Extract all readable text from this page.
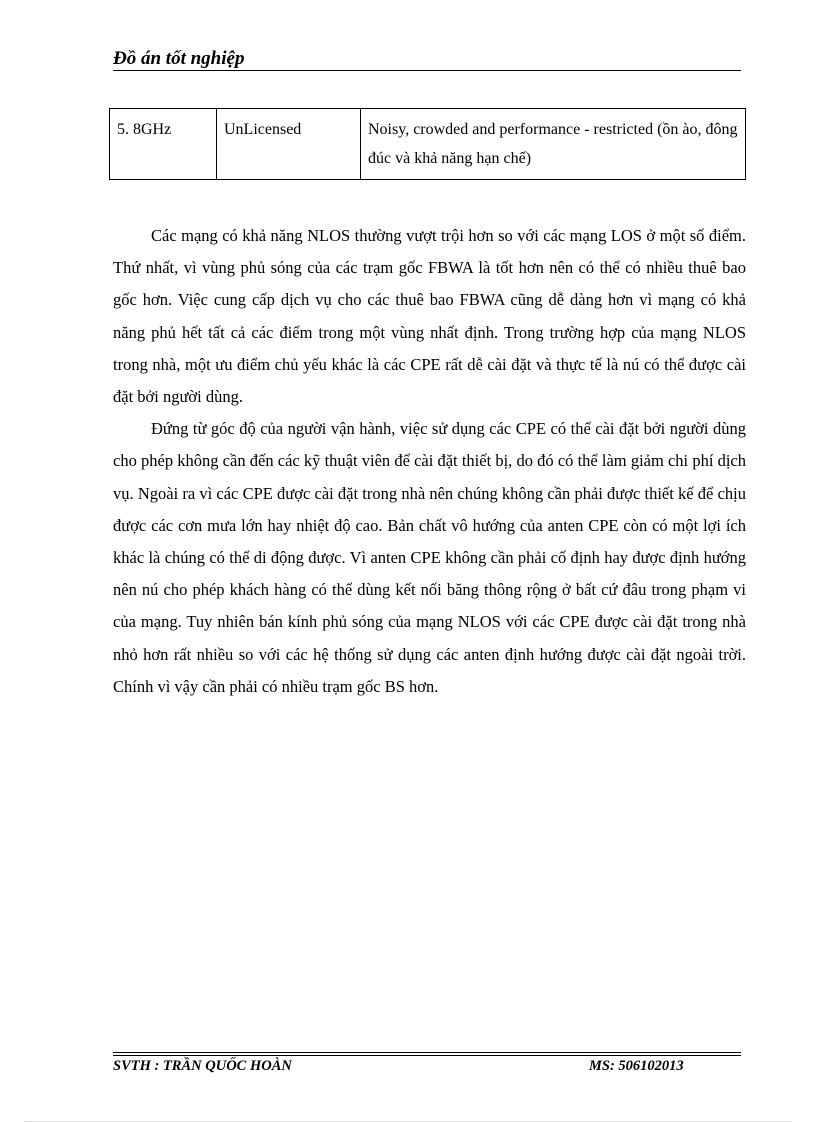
Đồ án tốt nghiệp
5. 8GHz	UnLicensed	Noisy, crowded and performance - restricted (ồn ào, đông đúc và khả năng hạn chế)

Các mạng có khả năng NLOS thường vượt trội hơn so với các mạng LOS ở một số điểm. Thứ nhất, vì vùng phủ sóng của các trạm gốc FBWA là tốt hơn nên có thể có nhiều thuê bao gốc hơn. Việc cung cấp dịch vụ cho các thuê bao FBWA cũng dễ dàng hơn vì mạng có khả năng phủ hết tất cả các điểm trong một vùng nhất định. Trong trường hợp của mạng NLOS trong nhà, một ưu điểm chủ yếu khác là các CPE rất dễ cài đặt và thực tế là nú có thể được cài đặt bởi người dùng.

Đứng từ góc độ của người vận hành, việc sử dụng các CPE có thể cài đặt bởi người dùng cho phép không cần đến các kỹ thuật viên để cài đặt thiết bị, do đó có thể làm giảm chi phí dịch vụ. Ngoài ra vì các CPE được cài đặt trong nhà nên chúng không cần phải được thiết kế để chịu được các cơn mưa lớn hay nhiệt độ cao. Bản chất vô hướng của anten CPE còn có một lợi ích khác là chúng có thể di động được. Vì anten CPE không cần phải cố định hay được định hướng nên nú cho phép khách hàng có thể dùng kết nối băng thông rộng ở bất cứ đâu trong phạm vi của mạng. Tuy nhiên bán kính phủ sóng của mạng NLOS với các CPE được cài đặt trong nhà nhỏ hơn rất nhiều so với các hệ thống sử dụng các anten định hướng được cài đặt ngoài trời. Chính vì vậy cần phải có nhiều trạm gốc BS hơn.

SVTH : TRẦN QUỐC HOÀN	MS: 506102013
